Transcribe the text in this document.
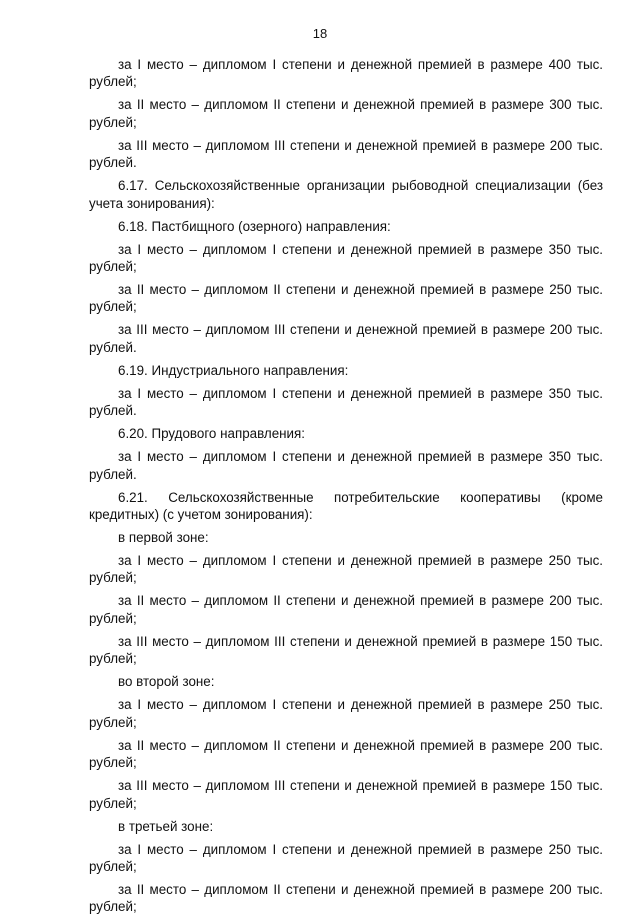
18

за I место – дипломом I степени и денежной премией в размере 400 тыс. рублей;

за II место – дипломом II степени и денежной премией в размере 300 тыс. рублей;

за III место – дипломом III степени и денежной премией в размере 200 тыс. рублей.

6.17. Сельскохозяйственные организации рыбоводной специализации (без учета зонирования):

6.18. Пастбищного (озерного) направления:

за I место – дипломом I степени и денежной премией в размере 350 тыс. рублей;

за II место – дипломом II степени и денежной премией в размере 250 тыс. рублей;

за III место – дипломом III степени и денежной премией в размере 200 тыс. рублей.

6.19. Индустриального направления:

за I место – дипломом I степени и денежной премией в размере 350 тыс. рублей.

6.20. Прудового направления:

за I место – дипломом I степени и денежной премией в размере 350 тыс. рублей.

6.21. Сельскохозяйственные потребительские кооперативы (кроме кредитных) (с учетом зонирования):

в первой зоне:

за I место – дипломом I степени и денежной премией в размере 250 тыс. рублей;

за II место – дипломом II степени и денежной премией в размере 200 тыс. рублей;

за III место – дипломом III степени и денежной премией в размере 150 тыс. рублей;

во второй зоне:

за I место – дипломом I степени и денежной премией в размере 250 тыс. рублей;

за II место – дипломом II степени и денежной премией в размере 200 тыс. рублей;

за III место – дипломом III степени и денежной премией в размере 150 тыс. рублей;

в третьей зоне:

за I место – дипломом I степени и денежной премией в размере 250 тыс. рублей;

за II место – дипломом II степени и денежной премией в размере 200 тыс. рублей;
